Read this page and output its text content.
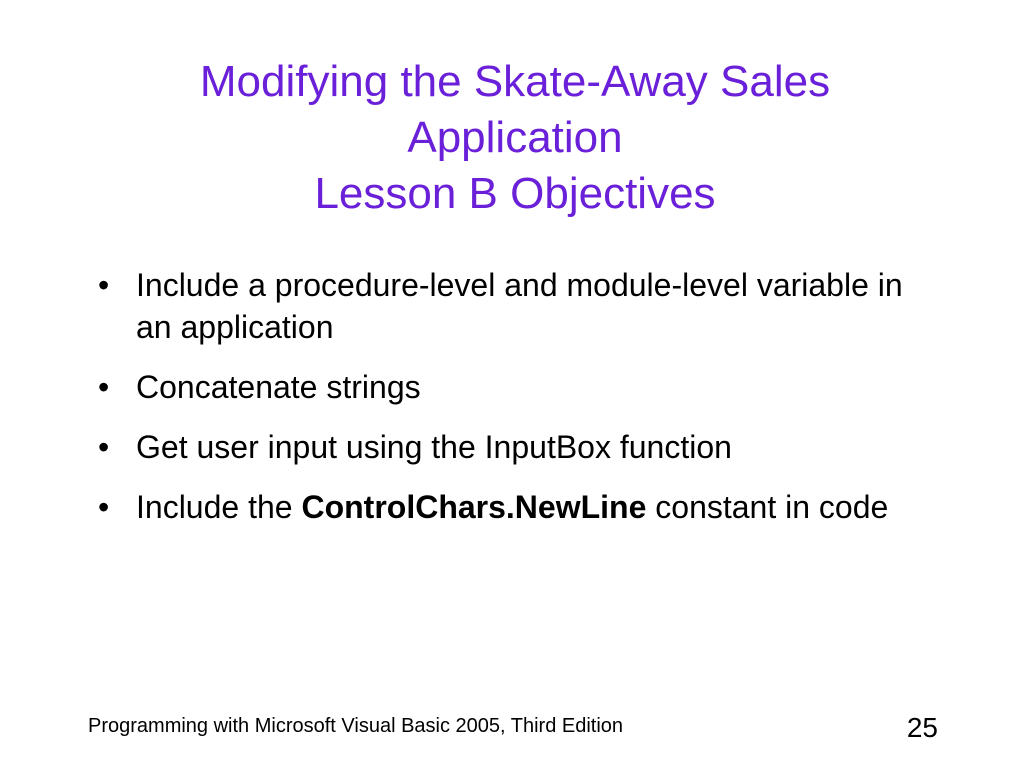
Modifying the Skate-Away Sales
Application
Lesson B Objectives
• Include a procedure-level and module-level variable in an application
• Concatenate strings
• Get user input using the InputBox function
• Include the ControlChars.NewLine constant in code
Programming with Microsoft Visual Basic 2005, Third Edition	25
